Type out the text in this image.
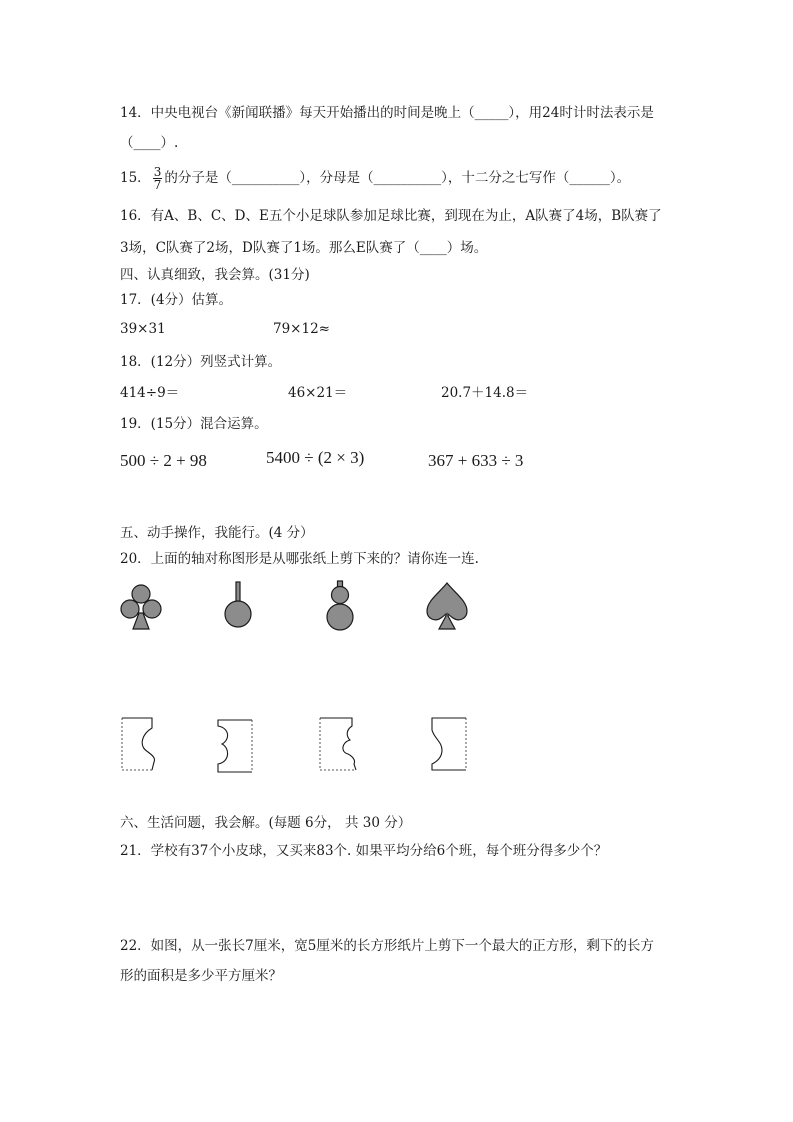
14．中央电视台《新闻联播》每天开始播出的时间是晚上（_____），用24时计时法表示是
（____）.
15． $\frac{3}{7}$ 的分子是（__________），分母是（__________），十二分之七写作（______）。
16．有A、B、C、D、E五个小足球队参加足球比赛，到现在为止，A队赛了4场，B队赛了
3场，C队赛了2场，D队赛了1场。那么E队赛了（____）场。
四、认真细致，我会算。(31分)
17．(4分）估算。
39×31	79×12≈
18．(12分）列竖式计算。
414÷9＝	46×21＝	20.7＋14.8＝
19．(15分）混合运算。
500 ÷ 2 + 98	5400 ÷ (2 × 3)	367 + 633 ÷ 3
五、动手操作，我能行。(4 分）
20．上面的轴对称图形是从哪张纸上剪下来的？请你连一连.
六、生活问题，我会解。(每题 6分， 共 30 分）
21．学校有37个小皮球，又买来83个. 如果平均分给6个班，每个班分得多少个？
22．如图，从一张长7厘米，宽5厘米的长方形纸片上剪下一个最大的正方形，剩下的长方
形的面积是多少平方厘米？
